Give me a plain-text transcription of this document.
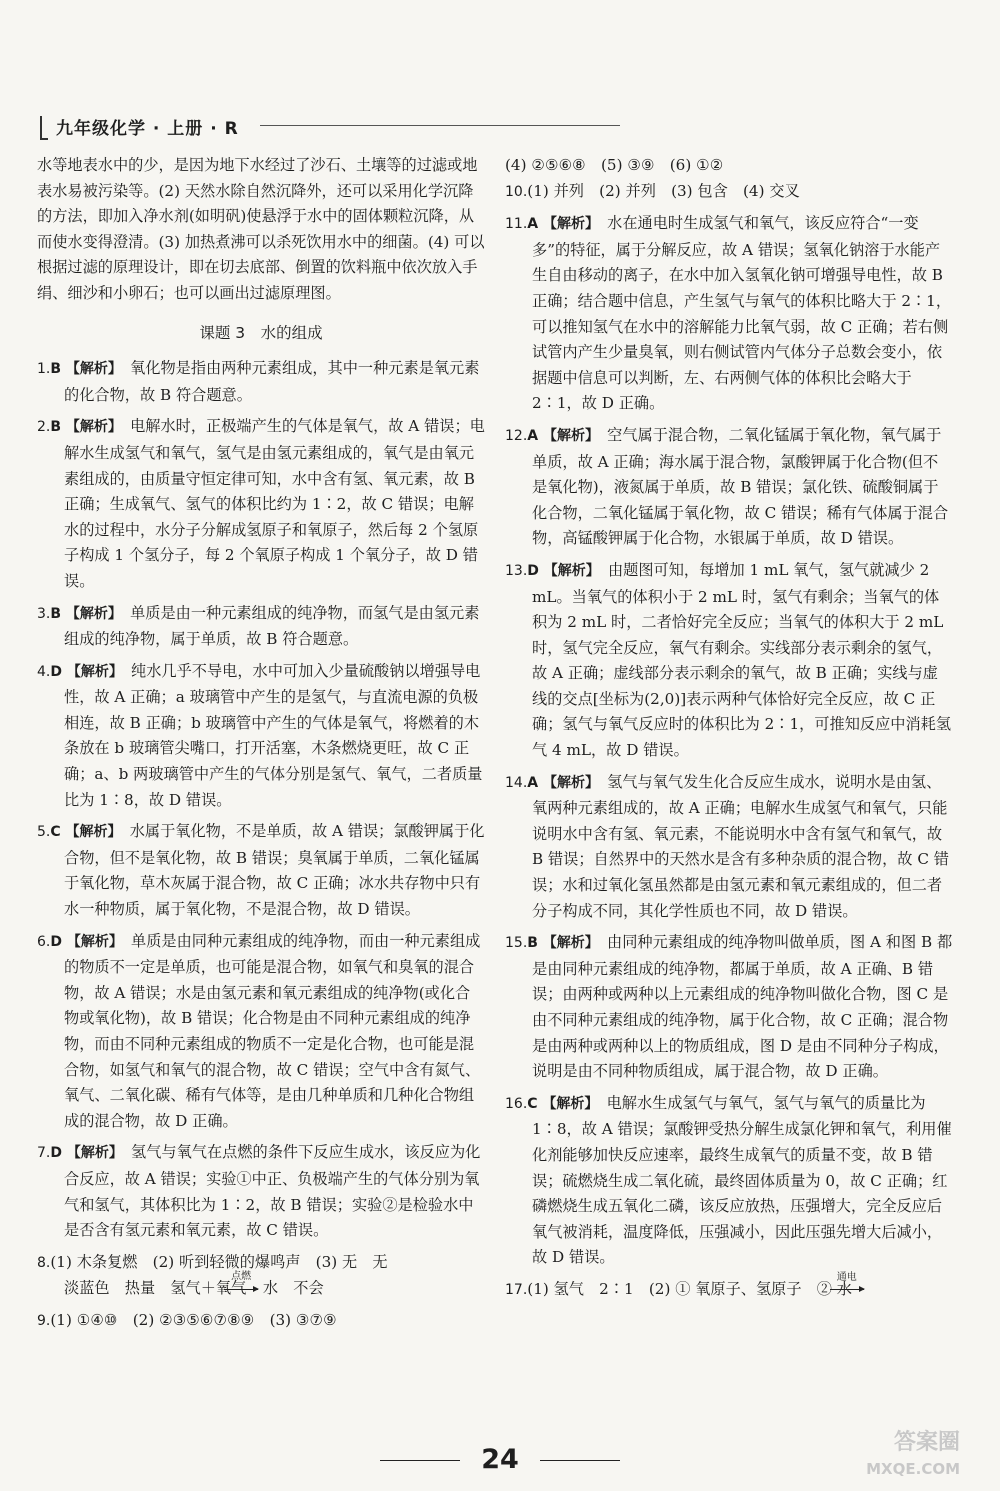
九年级化学 · 上册 · R

水等地表水中的少，是因为地下水经过了沙石、土壤等的过滤或地表水易被污染等。(2) 天然水除自然沉降外，还可以采用化学沉降的方法，即加入净水剂(如明矾)使悬浮于水中的固体颗粒沉降，从而使水变得澄清。(3) 加热煮沸可以杀死饮用水中的细菌。(4) 可以根据过滤的原理设计，即在切去底部、倒置的饮料瓶中依次放入手绢、细沙和小卵石；也可以画出过滤原理图。

课题 3　水的组成
1.B 【解析】　 氧化物是指由两种元素组成，其中一种元素是氧元素的化合物，故 B 符合题意。
2.B 【解析】　 电解水时，正极端产生的气体是氧气，故 A 错误；电解水生成氢气和氧气，氢气是由氢元素组成的，氧气是由氧元素组成的，由质量守恒定律可知，水中含有氢、氧元素，故 B 正确；生成氧气、氢气的体积比约为 1∶2，故 C 错误；电解水的过程中，水分子分解成氢原子和氧原子，然后每 2 个氢原子构成 1 个氢分子，每 2 个氧原子构成 1 个氧分子，故 D 错误。
3.B 【解析】　 单质是由一种元素组成的纯净物，而氢气是由氢元素组成的纯净物，属于单质，故 B 符合题意。
4.D 【解析】　 纯水几乎不导电，水中可加入少量硫酸钠以增强导电性，故 A 正确；a 玻璃管中产生的是氢气，与直流电源的负极相连，故 B 正确；b 玻璃管中产生的气体是氧气，将燃着的木条放在 b 玻璃管尖嘴口，打开活塞，木条燃烧更旺，故 C 正确；a、b 两玻璃管中产生的气体分别是氢气、氧气，二者质量比为 1∶8，故 D 错误。
5.C 【解析】　 水属于氧化物，不是单质，故 A 错误；氯酸钾属于化合物，但不是氧化物，故 B 错误；臭氧属于单质，二氧化锰属于氧化物，草木灰属于混合物，故 C 正确；冰水共存物中只有水一种物质，属于氧化物，不是混合物，故 D 错误。
6.D 【解析】　 单质是由同种元素组成的纯净物，而由一种元素组成的物质不一定是单质，也可能是混合物，如氧气和臭氧的混合物，故 A 错误；水是由氢元素和氧元素组成的纯净物(或化合物或氧化物)，故 B 错误；化合物是由不同种元素组成的纯净物，而由不同种元素组成的物质不一定是化合物，也可能是混合物，如氢气和氧气的混合物，故 C 错误；空气中含有氮气、氧气、二氧化碳、稀有气体等，是由几种单质和几种化合物组成的混合物，故 D 正确。
7.D 【解析】　 氢气与氧气在点燃的条件下反应生成水，该反应为化合反应，故 A 错误；实验①中正、负极端产生的气体分别为氧气和氢气，其体积比为 1∶2，故 B 错误；实验②是检验水中是否含有氢元素和氧元素，故 C 错误。
8.(1) 木条复燃　(2) 听到轻微的爆鸣声　(3) 无　无
淡蓝色　热量　氢气＋氧气
点燃
水　不会
9.(1) ①④⑩　(2) ②③⑤⑥⑦⑧⑨　(3) ③⑦⑨

(4) ②⑤⑥⑧　(5) ③⑨　(6) ①②

10.(1) 并列　(2) 并列　(3) 包含　(4) 交叉
11.A 【解析】　 水在通电时生成氢气和氧气，该反应符合“一变多”的特征，属于分解反应，故 A 错误；氢氧化钠溶于水能产生自由移动的离子，在水中加入氢氧化钠可增强导电性，故 B 正确；结合题中信息，产生氢气与氧气的体积比略大于 2∶1，可以推知氢气在水中的溶解能力比氧气弱，故 C 正确；若右侧试管内产生少量臭氧，则右侧试管内气体分子总数会变小，依据题中信息可以判断，左、右两侧气体的体积比会略大于 2∶1，故 D 正确。
12.A 【解析】　 空气属于混合物，二氧化锰属于氧化物，氧气属于单质，故 A 正确；海水属于混合物，氯酸钾属于化合物(但不是氧化物)，液氮属于单质，故 B 错误；氯化铁、硫酸铜属于化合物，二氧化锰属于氧化物，故 C 错误；稀有气体属于混合物，高锰酸钾属于化合物，水银属于单质，故 D 错误。
13.D 【解析】　 由题图可知，每增加 1 mL 氧气，氢气就减少 2 mL。当氧气的体积小于 2 mL 时，氢气有剩余；当氧气的体积为 2 mL 时，二者恰好完全反应；当氧气的体积大于 2 mL 时，氢气完全反应，氧气有剩余。实线部分表示剩余的氢气，故 A 正确；虚线部分表示剩余的氧气，故 B 正确；实线与虚线的交点[坐标为(2,0)]表示两种气体恰好完全反应，故 C 正确；氢气与氧气反应时的体积比为 2∶1，可推知反应中消耗氢气 4 mL，故 D 错误。
14.A 【解析】　 氢气与氧气发生化合反应生成水，说明水是由氢、氧两种元素组成的，故 A 正确；电解水生成氢气和氧气，只能说明水中含有氢、氧元素，不能说明水中含有氢气和氧气，故 B 错误；自然界中的天然水是含有多种杂质的混合物，故 C 错误；水和过氧化氢虽然都是由氢元素和氧元素组成的，但二者分子构成不同，其化学性质也不同，故 D 错误。
15.B 【解析】　 由同种元素组成的纯净物叫做单质，图 A 和图 B 都是由同种元素组成的纯净物，都属于单质，故 A 正确、B 错误；由两种或两种以上元素组成的纯净物叫做化合物，图 C 是由不同种元素组成的纯净物，属于化合物，故 C 正确；混合物是由两种或两种以上的物质组成，图 D 是由不同种分子构成，说明是由不同种物质组成，属于混合物，故 D 正确。
16.C 【解析】　 电解水生成氢气与氧气，氢气与氧气的质量比为 1∶8，故 A 错误；氯酸钾受热分解生成氯化钾和氧气，利用催化剂能够加快反应速率，最终生成氧气的质量不变，故 B 错误；硫燃烧生成二氧化硫，最终固体质量为 0，故 C 正确；红磷燃烧生成五氧化二磷，该反应放热，压强增大，完全反应后氧气被消耗，温度降低，压强减小，因此压强先增大后减小，故 D 错误。
17.(1) 氢气　2∶1　(2) ① 氧原子、氢原子　② 水
通电
24
答案圈
MXQE.COM
